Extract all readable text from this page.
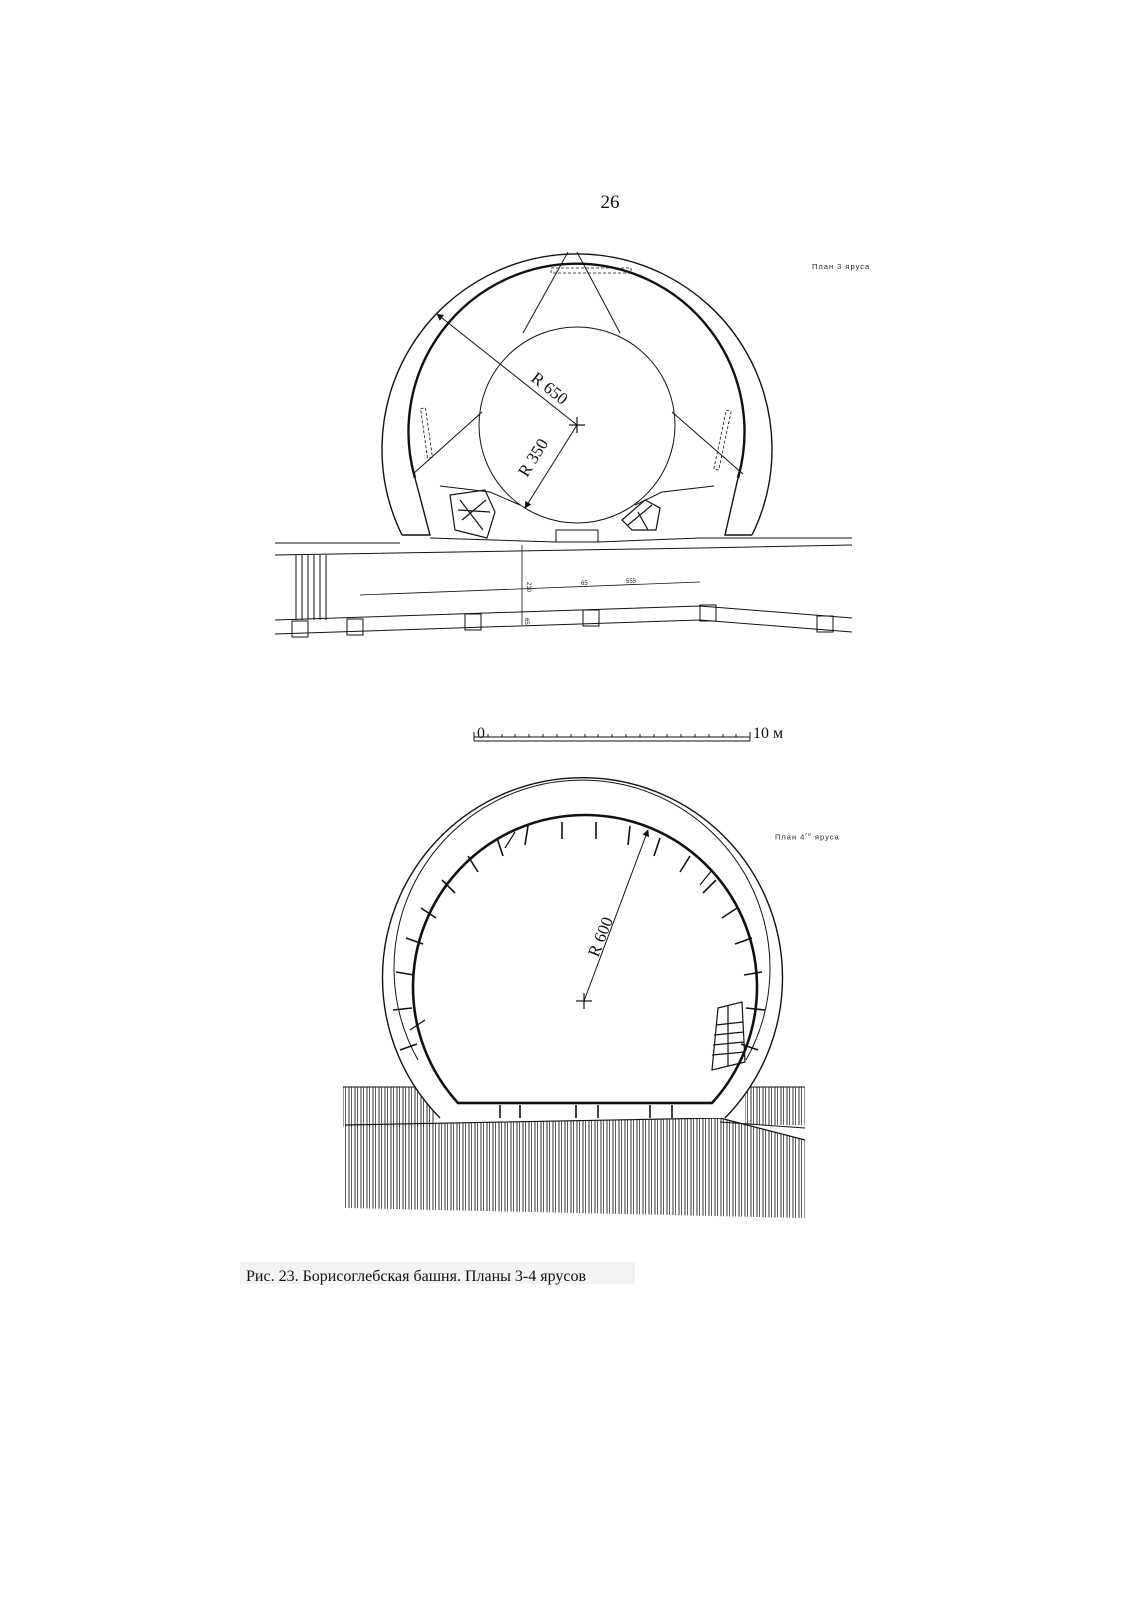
26
План 3 яруса
План $4^{го}$ яруса
210	65	555
65
R 650
R 350
R 600
0	10 м
Рис. 23. Борисоглебская башня. Планы 3-4 ярусов
